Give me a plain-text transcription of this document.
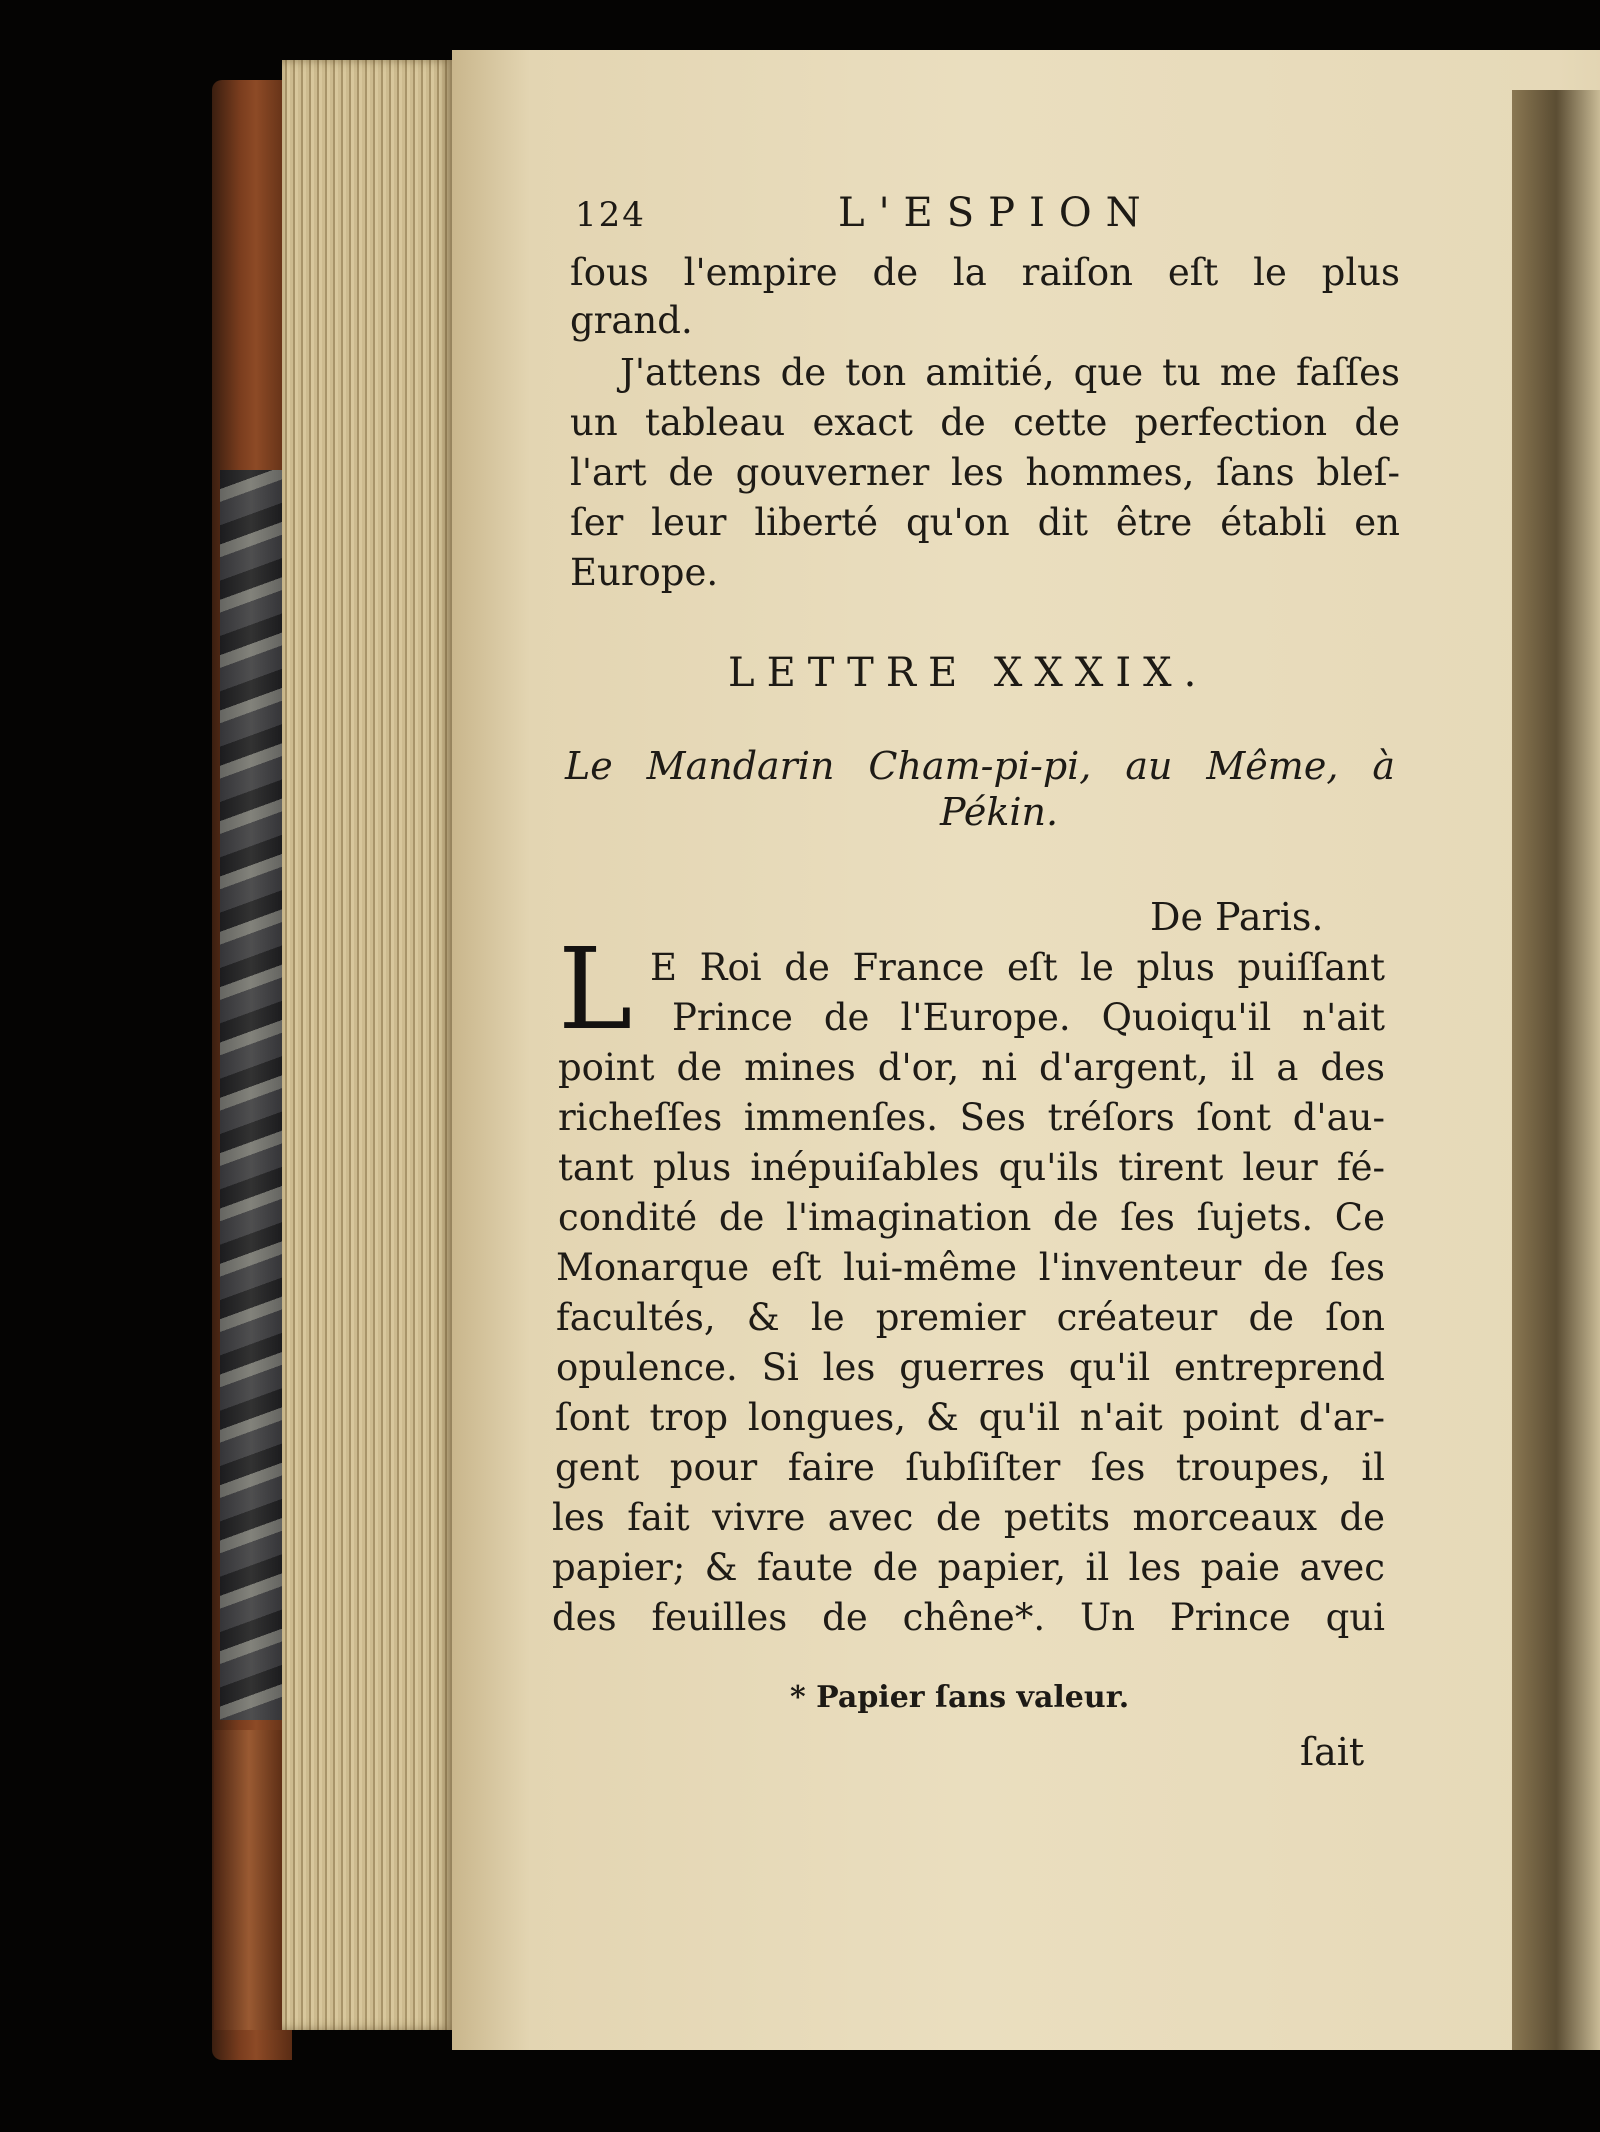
124	L'ESPION
ſous l'empire de la raiſon eſt le plus
grand.
J'attens de ton amitié, que tu me faſſes
un tableau exact de cette perfection de
l'art de gouverner les hommes, ſans bleſ-
ſer leur liberté qu'on dit être établi en
Europe.
LETTRE XXXIX.
Le Mandarin Cham-pi-pi, au Même, à
Pékin.
De Paris.
L E Roi de France eſt le plus puiſſant
Prince de l'Europe. Quoiqu'il n'ait
point de mines d'or, ni d'argent, il a des
richeſſes immenſes. Ses tréſors ſont d'au-
tant plus inépuiſables qu'ils tirent leur fé-
condité de l'imagination de ſes ſujets. Ce
Monarque eſt lui-même l'inventeur de ſes
facultés, & le premier créateur de ſon
opulence. Si les guerres qu'il entreprend
ſont trop longues, & qu'il n'ait point d'ar-
gent pour faire ſubſiſter ſes troupes, il
les fait vivre avec de petits morceaux de
papier; & faute de papier, il les paie avec
des feuilles de chêne*. Un Prince qui
* Papier ſans valeur.
ſait
